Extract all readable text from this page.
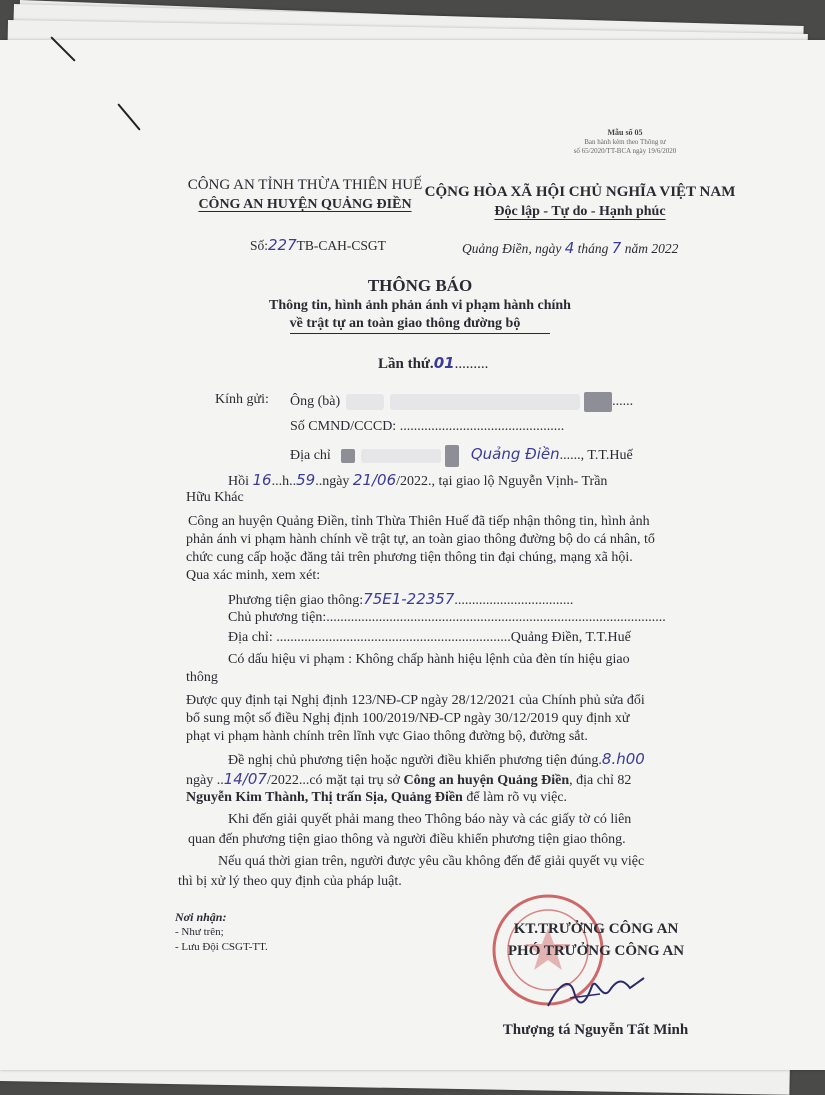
Mẫu số 05
Ban hành kèm theo Thông tư
số 65/2020/TT-BCA ngày 19/6/2020
CÔNG AN TỈNH THỪA THIÊN HUẾ
CÔNG AN HUYỆN QUẢNG ĐIỀN
CỘNG HÒA XÃ HỘI CHỦ NGHĨA VIỆT NAM
Độc lập - Tự do - Hạnh phúc
Số:227TB-CAH-CSGT	Quảng Điền, ngày 4 tháng 7 năm 2022
THÔNG BÁO
Thông tin, hình ảnh phản ánh vi phạm hành chính
về trật tự an toàn giao thông đường bộ
Lần thứ.01.........
Kính gửi: Ông (bà)	......
Số CMND/CCCD: ...............................................
Địa chỉ	Quảng Điền......, T.T.Huế
Hồi 16...h..59..ngày 21/06/2022., tại giao lộ Nguyễn Vịnh- Trần
Hữu Khác
Công an huyện Quảng Điền, tỉnh Thừa Thiên Huế đã tiếp nhận thông tin, hình ảnh
phản ánh vi phạm hành chính về trật tự, an toàn giao thông đường bộ do cá nhân, tổ
chức cung cấp hoặc đăng tải trên phương tiện thông tin đại chúng, mạng xã hội.
Qua xác minh, xem xét:
Phương tiện giao thông:75E1-22357..................................
Chủ phương tiện:.................................................................................................
Địa chỉ: ...................................................................Quảng Điền, T.T.Huế
Có dấu hiệu vi phạm : Không chấp hành hiệu lệnh của đèn tín hiệu giao
thông
Được quy định tại Nghị định 123/NĐ-CP ngày 28/12/2021 của Chính phủ sửa đổi
bổ sung một số điều Nghị định 100/2019/NĐ-CP ngày 30/12/2019 quy định xử
phạt vi phạm hành chính trên lĩnh vực Giao thông đường bộ, đường sắt.
Đề nghị chủ phương tiện hoặc người điều khiển phương tiện đúng.8.h00
ngày ..14/07/2022...có mặt tại trụ sở Công an huyện Quảng Điền, địa chỉ 82
Nguyễn Kim Thành, Thị trấn Sịa, Quảng Điền để làm rõ vụ việc.
Khi đến giải quyết phải mang theo Thông báo này và các giấy tờ có liên
quan đến phương tiện giao thông và người điều khiển phương tiện giao thông.
Nếu quá thời gian trên, người được yêu cầu không đến để giải quyết vụ việc
thì bị xử lý theo quy định của pháp luật.
Nơi nhận:
- Như trên;
- Lưu Đội CSGT-TT.
KT.TRƯỞNG CÔNG AN
PHÓ TRƯỞNG CÔNG AN
Thượng tá Nguyễn Tất Minh
